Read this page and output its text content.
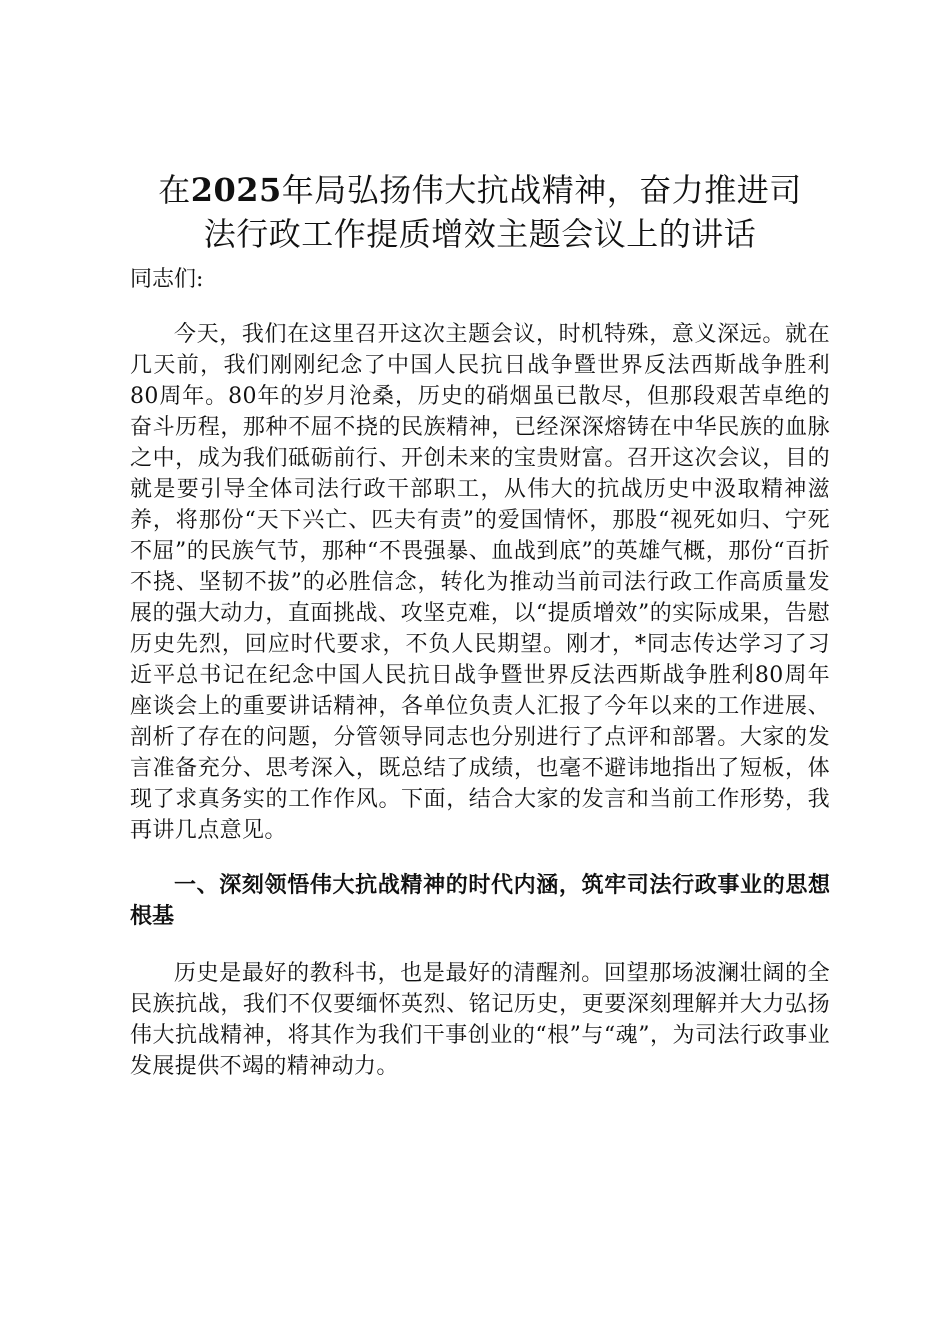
在2025年局弘扬伟大抗战精神，奋力推进司
法行政工作提质增效主题会议上的讲话

同志们:

今天，我们在这里召开这次主题会议，时机特殊，意义深远。就在几天前，我们刚刚纪念了中国人民抗日战争暨世界反法西斯战争胜利80周年。80年的岁月沧桑，历史的硝烟虽已散尽，但那段艰苦卓绝的奋斗历程，那种不屈不挠的民族精神，已经深深熔铸在中华民族的血脉之中，成为我们砥砺前行、开创未来的宝贵财富。召开这次会议，目的就是要引导全体司法行政干部职工，从伟大的抗战历史中汲取精神滋养，将那份“天下兴亡、匹夫有责”的爱国情怀，那股“视死如归、宁死不屈”的民族气节，那种“不畏强暴、血战到底”的英雄气概，那份“百折不挠、坚韧不拔”的必胜信念，转化为推动当前司法行政工作高质量发展的强大动力，直面挑战、攻坚克难，以“提质增效”的实际成果，告慰历史先烈，回应时代要求，不负人民期望。刚才，*同志传达学习了习近平总书记在纪念中国人民抗日战争暨世界反法西斯战争胜利80周年座谈会上的重要讲话精神，各单位负责人汇报了今年以来的工作进展、剖析了存在的问题，分管领导同志也分别进行了点评和部署。大家的发言准备充分、思考深入，既总结了成绩，也毫不避讳地指出了短板，体现了求真务实的工作作风。下面，结合大家的发言和当前工作形势，我再讲几点意见。

一、深刻领悟伟大抗战精神的时代内涵，筑牢司法行政事业的思想根基

历史是最好的教科书，也是最好的清醒剂。回望那场波澜壮阔的全民族抗战，我们不仅要缅怀英烈、铭记历史，更要深刻理解并大力弘扬伟大抗战精神，将其作为我们干事创业的“根”与“魂”，为司法行政事业发展提供不竭的精神动力。
